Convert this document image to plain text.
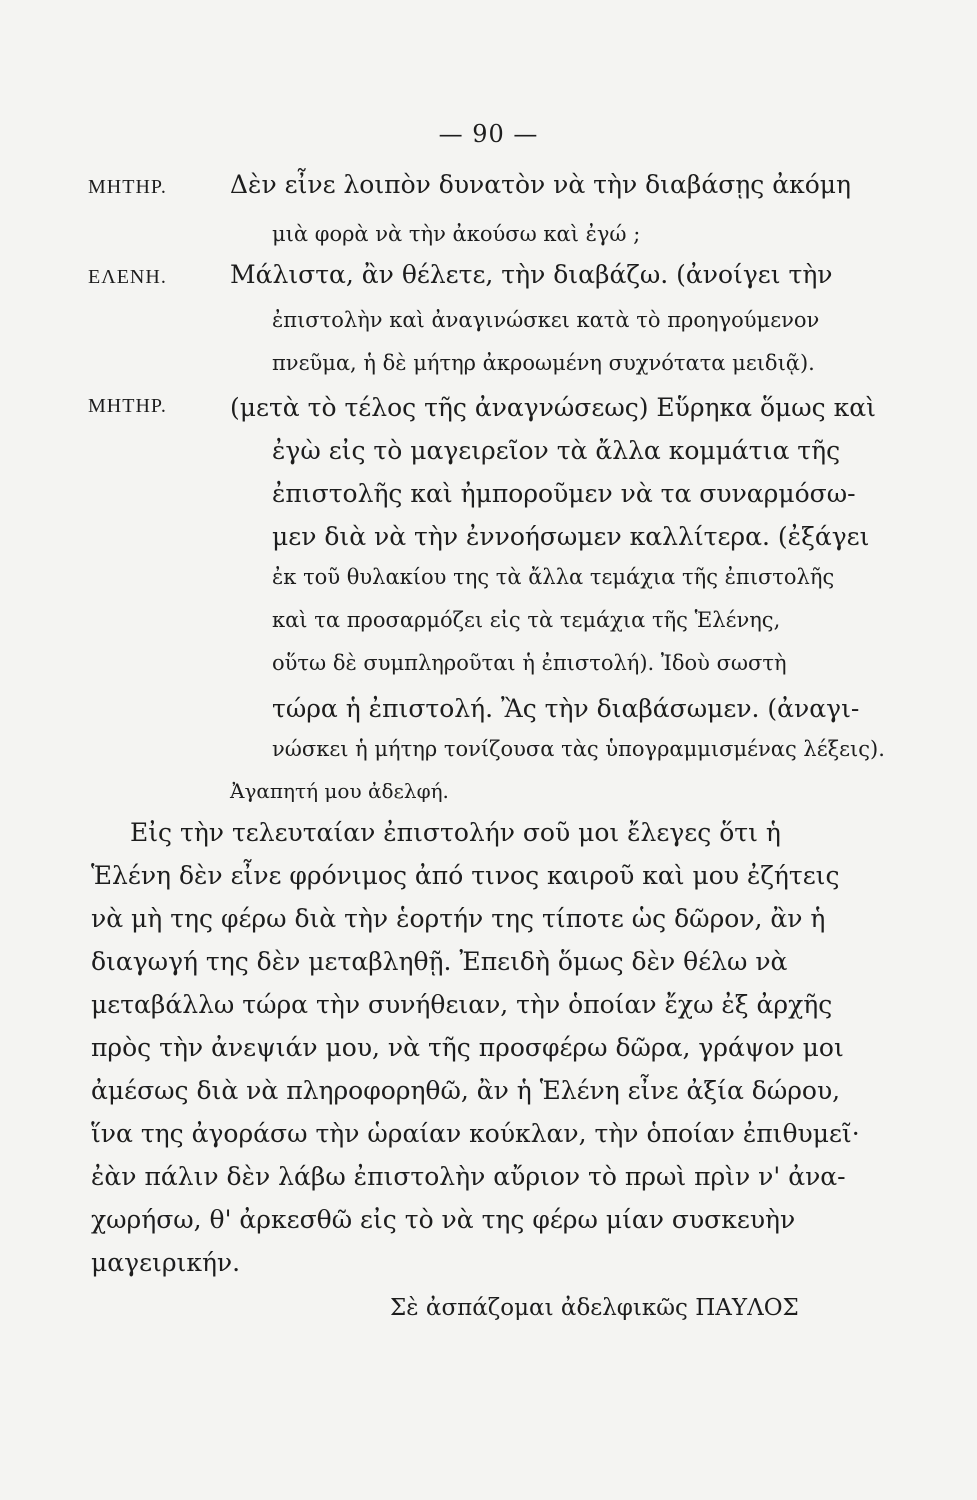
— 90 —
ΜΗΤΗΡ.	Δὲν εἶνε λοιπὸν δυνατὸν νὰ τὴν διαβάσῃς ἀκόμη
μιὰ φορὰ νὰ τὴν ἀκούσω καὶ ἐγώ ;
ΕΛΕΝΗ.	Μάλιστα, ἂν θέλετε, τὴν διαβάζω. (ἀνοίγει τὴν
ἐπιστολὴν καὶ ἀναγινώσκει κατὰ τὸ προηγούμενον
πνεῦμα, ἡ δὲ μήτηρ ἀκροωμένη συχνότατα μειδιᾷ).
ΜΗΤΗΡ.	(μετὰ τὸ τέλος τῆς ἀναγνώσεως) Εὕρηκα ὅμως καὶ
ἐγὼ εἰς τὸ μαγειρεῖον τὰ ἄλλα κομμάτια τῆς
ἐπιστολῆς καὶ ἠμποροῦμεν νὰ τα συναρμόσω-
μεν διὰ νὰ τὴν ἐννοήσωμεν καλλίτερα. (ἐξάγει
ἐκ τοῦ θυλακίου της τὰ ἄλλα τεμάχια τῆς ἐπιστολῆς
καὶ τα προσαρμόζει εἰς τὰ τεμάχια τῆς Ἑλένης,
οὕτω δὲ συμπληροῦται ἡ ἐπιστολή). Ἰδοὺ σωστὴ
τώρα ἡ ἐπιστολή. Ἂς τὴν διαβάσωμεν. (ἀναγι-
νώσκει ἡ μήτηρ τονίζουσα τὰς ὑπογραμμισμένας λέξεις).
Ἀγαπητή μου ἀδελφή.
Εἰς τὴν τελευταίαν ἐπιστολήν σοῦ μοι ἔλεγες ὅτι ἡ
Ἑλένη δὲν εἶνε φρόνιμος ἀπό τινος καιροῦ καὶ μου ἐζήτεις
νὰ μὴ της φέρω διὰ τὴν ἑορτήν της τίποτε ὡς δῶρον, ἂν ἡ
διαγωγή της δὲν μεταβληθῇ. Ἐπειδὴ ὅμως δὲν θέλω νὰ
μεταβάλλω τώρα τὴν συνήθειαν, τὴν ὁποίαν ἔχω ἐξ ἀρχῆς
πρὸς τὴν ἀνεψιάν μου, νὰ τῆς προσφέρω δῶρα, γράψον μοι
ἀμέσως διὰ νὰ πληροφορηθῶ, ἂν ἡ Ἑλένη εἶνε ἀξία δώρου,
ἵνα της ἀγοράσω τὴν ὡραίαν κούκλαν, τὴν ὁποίαν ἐπιθυμεῖ·
ἐὰν πάλιν δὲν λάβω ἐπιστολὴν αὔριον τὸ πρωὶ πρὶν ν' ἀνα-
χωρήσω, θ' ἀρκεσθῶ εἰς τὸ νὰ της φέρω μίαν συσκευὴν
μαγειρικήν.
Σὲ ἀσπάζομαι ἀδελφικῶς ΠΑΥΛΟΣ
